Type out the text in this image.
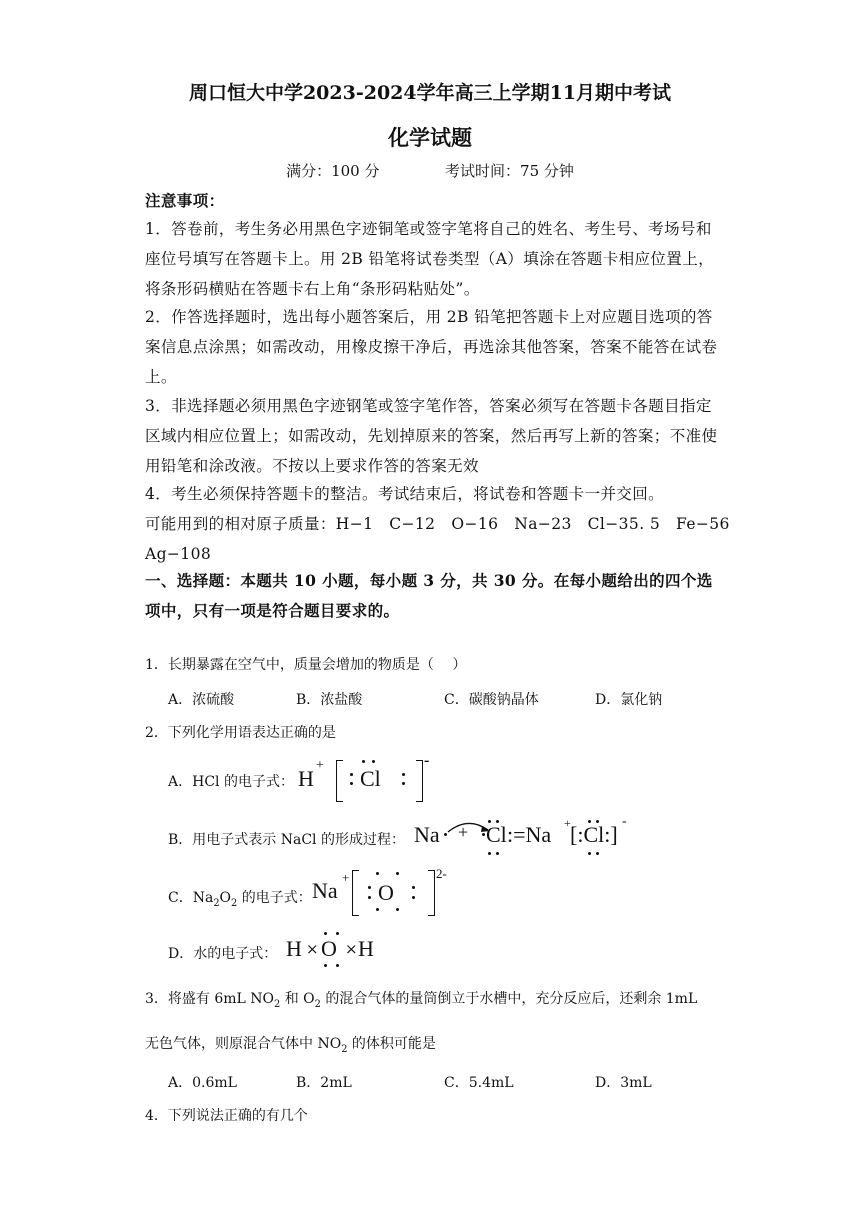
周口恒大中学2023-2024学年高三上学期11月期中考试
化学试题
满分：100 分	考试时间：75 分钟
注意事项：
1．答卷前，考生务必用黑色字迹铜笔或签字笔将自己的姓名、考生号、考场号和座位号填写在答题卡上。用 2B 铅笔将试卷类型（A）填涂在答题卡相应位置上，将条形码横贴在答题卡右上角“条形码粘贴处”。
2．作答选择题时，选出每小题答案后，用 2B 铅笔把答题卡上对应题目选项的答案信息点涂黑；如需改动，用橡皮擦干净后，再选涂其他答案，答案不能答在试卷上。
3．非选择题必须用黑色字迹钢笔或签字笔作答，答案必须写在答题卡各题目指定区域内相应位置上；如需改动，先划掉原来的答案，然后再写上新的答案；不准使用铅笔和涂改液。不按以上要求作答的答案无效
4．考生必须保持答题卡的整洁。考试结束后，将试卷和答题卡一并交回。
可能用到的相对原子质量：H−1　C−12　O−16　Na−23　Cl−35. 5　Fe−56
Ag−108
一、选择题：本题共 10 小题，每小题 3 分，共 30 分。在每小题给出的四个选项中，只有一项是符合题目要求的。
1．长期暴露在空气中，质量会增加的物质是（　 ）
A．浓硫酸	B．浓盐酸	C．碳酸钠晶体	D．氯化钠
2．下列化学用语表达正确的是
A．HCl 的电子式： H
+
Cl
-
B．用电子式表示 NaCl 的形成过程： Na + Cl :=Na + [:Cl:]
-
C．$Na_2O_2$ 的电子式： Na
+
O
2-
D．水的电子式： H × O × H
3．将盛有 6mL $NO_2$ 和 $O_2$ 的混合气体的量筒倒立于水槽中，充分反应后，还剩余 1mL
无色气体，则原混合气体中 $NO_2$ 的体积可能是
A．0.6mL	B．2mL	C．5.4mL	D．3mL
4．下列说法正确的有几个
